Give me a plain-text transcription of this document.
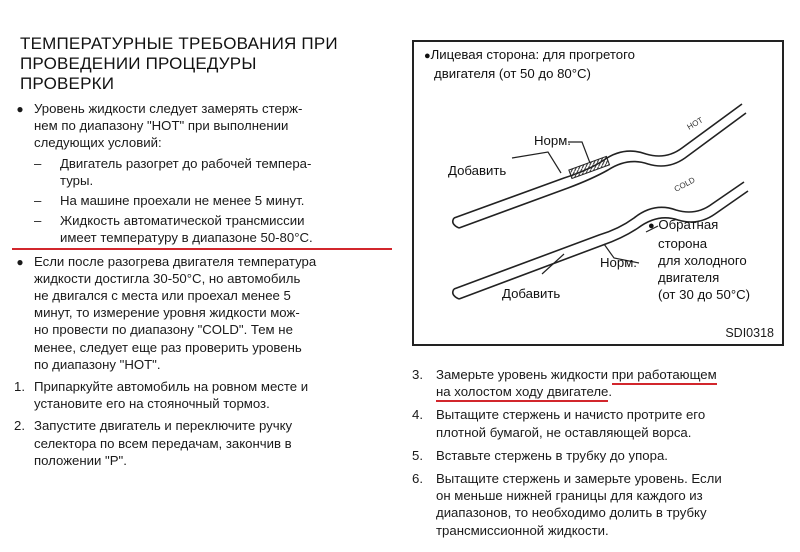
ТЕМПЕРАТУРНЫЕ ТРЕБОВАНИЯ ПРИ
ПРОВЕДЕНИИ ПРОЦЕДУРЫ
ПРОВЕРКИ
● Уровень жидкости следует замерять стерж-
нем по диапазону "HOT" при выполнении
следующих условий:
– Двигатель разогрет до рабочей темпера-
туры.
– На машине проехали не менее 5 минут.
– Жидкость автоматической трансмиссии
имеет температуру в диапазоне 50-80°С.
● Если после разогрева двигателя температура
жидкости достигла 30-50°С, но автомобиль
не двигался с места или проехал менее 5
минут, то измерение уровня жидкости мож-
но провести по диапазону "COLD". Тем не
менее, следует еще раз проверить уровень
по диапазону "HOT".
1. Припаркуйте автомобиль на ровном месте и
установите его на стояночный тормоз.
2. Запустите двигатель и переключите ручку
селектора по всем передачам, закончив в
положении "Р".
HOT
COLD
●Лицевая сторона: для прогретого
двигателя (от 50 до 80°С)
Норм.
Добавить
● Обратная
сторона
для холодного
двигателя
(от 30 до 50°С)
Норм.
Добавить
SDI0318
3. Замерьте уровень жидкости при работающем
на холостом ходу двигателе.
4. Вытащите стержень и начисто протрите его
плотной бумагой, не оставляющей ворса.
5. Вставьте стержень в трубку до упора.
6. Вытащите стержень и замерьте уровень. Если
он меньше нижней границы для каждого из
диапазонов, то необходимо долить в трубку
трансмиссионной жидкости.
